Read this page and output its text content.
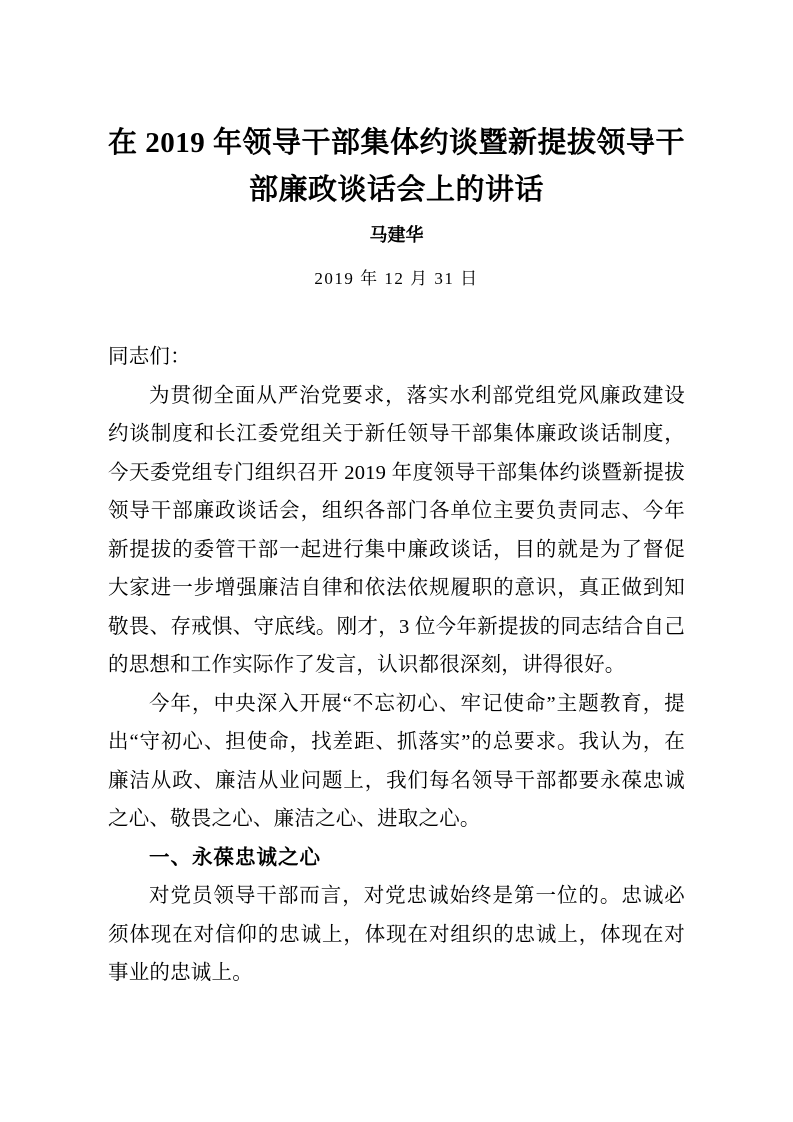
在 2019 年领导干部集体约谈暨新提拔领导干部廉政谈话会上的讲话
马建华
2019 年 12 月 31 日

同志们：

为贯彻全面从严治党要求，落实水利部党组党风廉政建设约谈制度和长江委党组关于新任领导干部集体廉政谈话制度，今天委党组专门组织召开 2019 年度领导干部集体约谈暨新提拔领导干部廉政谈话会，组织各部门各单位主要负责同志、今年新提拔的委管干部一起进行集中廉政谈话，目的就是为了督促大家进一步增强廉洁自律和依法依规履职的意识，真正做到知敬畏、存戒惧、守底线。刚才，3 位今年新提拔的同志结合自己的思想和工作实际作了发言，认识都很深刻，讲得很好。

今年，中央深入开展“不忘初心、牢记使命”主题教育，提出“守初心、担使命，找差距、抓落实”的总要求。我认为，在廉洁从政、廉洁从业问题上，我们每名领导干部都要永葆忠诚之心、敬畏之心、廉洁之心、进取之心。

一、永葆忠诚之心

对党员领导干部而言，对党忠诚始终是第一位的。忠诚必须体现在对信仰的忠诚上，体现在对组织的忠诚上，体现在对事业的忠诚上。
